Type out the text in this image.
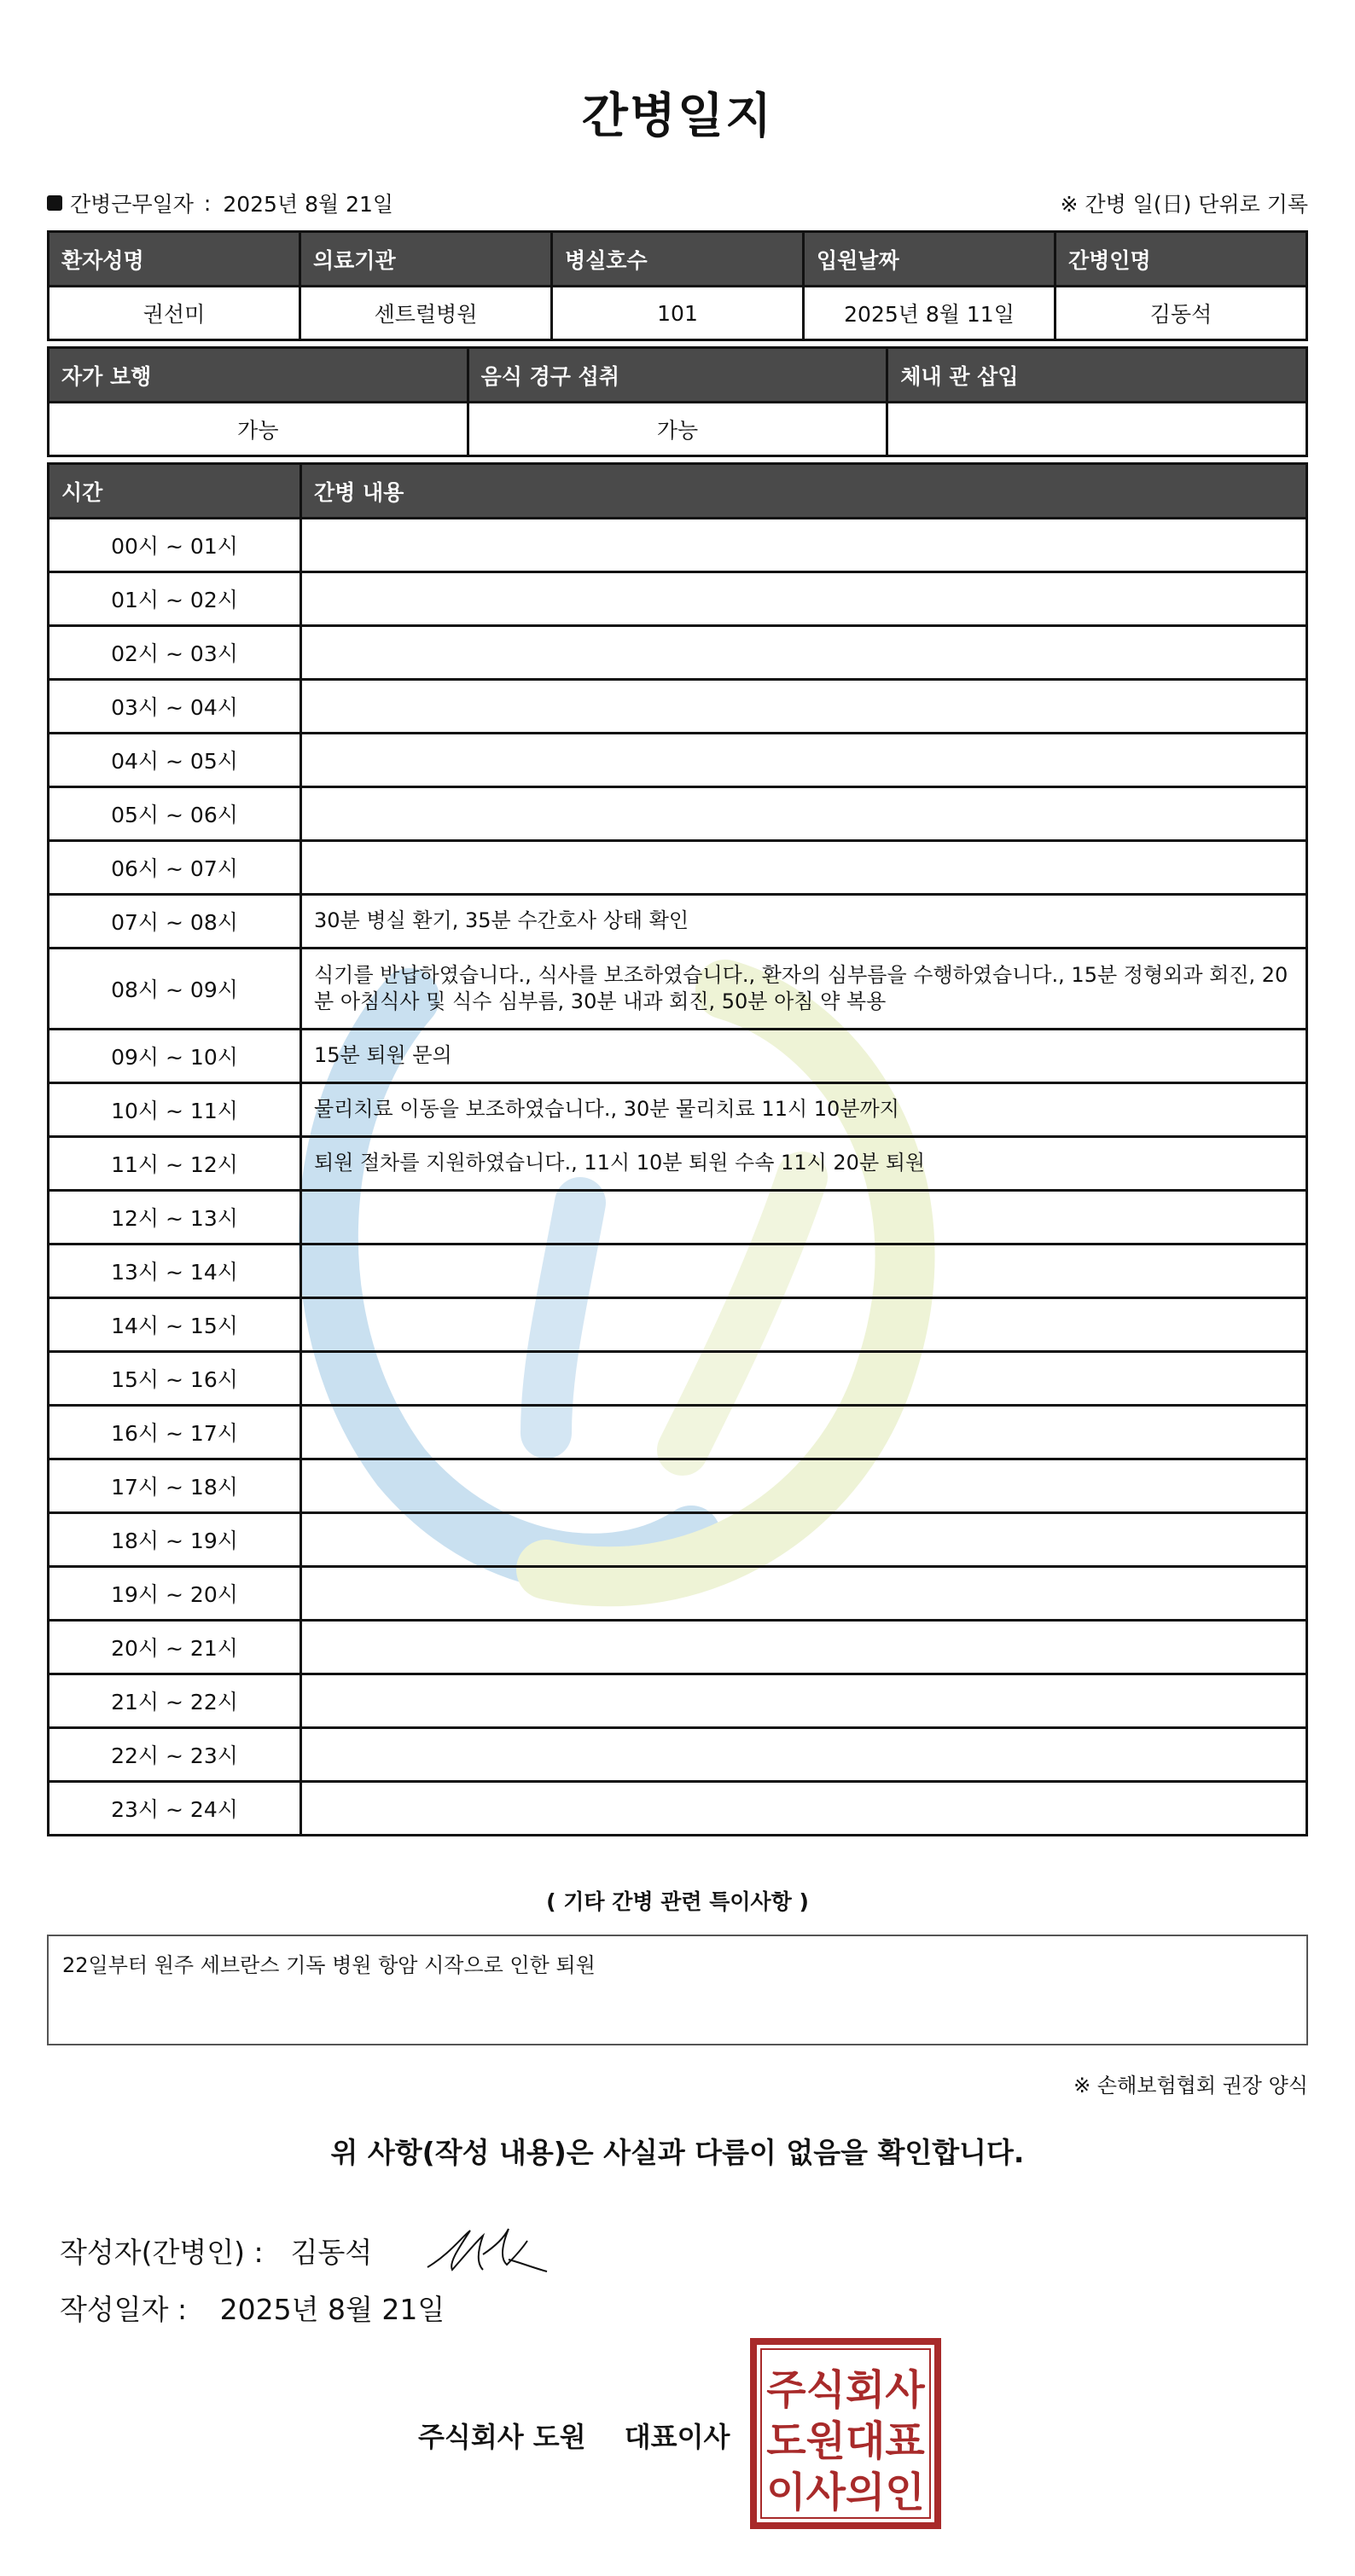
간병일지
간병근무일자 : 2025년 8월 21일	※ 간병 일(日) 단위로 기록
환자성명	의료기관	병실호수	입원날짜	간병인명
권선미	센트럴병원	101	2025년 8월 11일	김동석
자가 보행	음식 경구 섭취	체내 관 삽입
가능	가능	
시간	간병 내용
00시 ~ 01시	
01시 ~ 02시	
02시 ~ 03시	
03시 ~ 04시	
04시 ~ 05시	
05시 ~ 06시	
06시 ~ 07시	
07시 ~ 08시	30분 병실 환기, 35분 수간호사 상태 확인
08시 ~ 09시	식기를 반납하였습니다., 식사를 보조하였습니다., 환자의 심부름을 수행하였습니다., 15분 정형외과 회진, 20분 아침식사 및 식수 심부름, 30분 내과 회진, 50분 아침 약 복용
09시 ~ 10시	15분 퇴원 문의
10시 ~ 11시	물리치료 이동을 보조하였습니다., 30분 물리치료 11시 10분까지
11시 ~ 12시	퇴원 절차를 지원하였습니다., 11시 10분 퇴원 수속 11시 20분 퇴원
12시 ~ 13시	
13시 ~ 14시	
14시 ~ 15시	
15시 ~ 16시	
16시 ~ 17시	
17시 ~ 18시	
18시 ~ 19시	
19시 ~ 20시	
20시 ~ 21시	
21시 ~ 22시	
22시 ~ 23시	
23시 ~ 24시	
( 기타 간병 관련 특이사항 )
22일부터 원주 세브란스 기독 병원 항암 시작으로 인한 퇴원
※ 손해보험협회 권장 양식
위 사항(작성 내용)은 사실과 다름이 없음을 확인합니다.
작성자(간병인) : 김동석
작성일자 : 2025년 8월 21일
주식회사 도원 대표이사
주식회사
도원대표
이사의인
